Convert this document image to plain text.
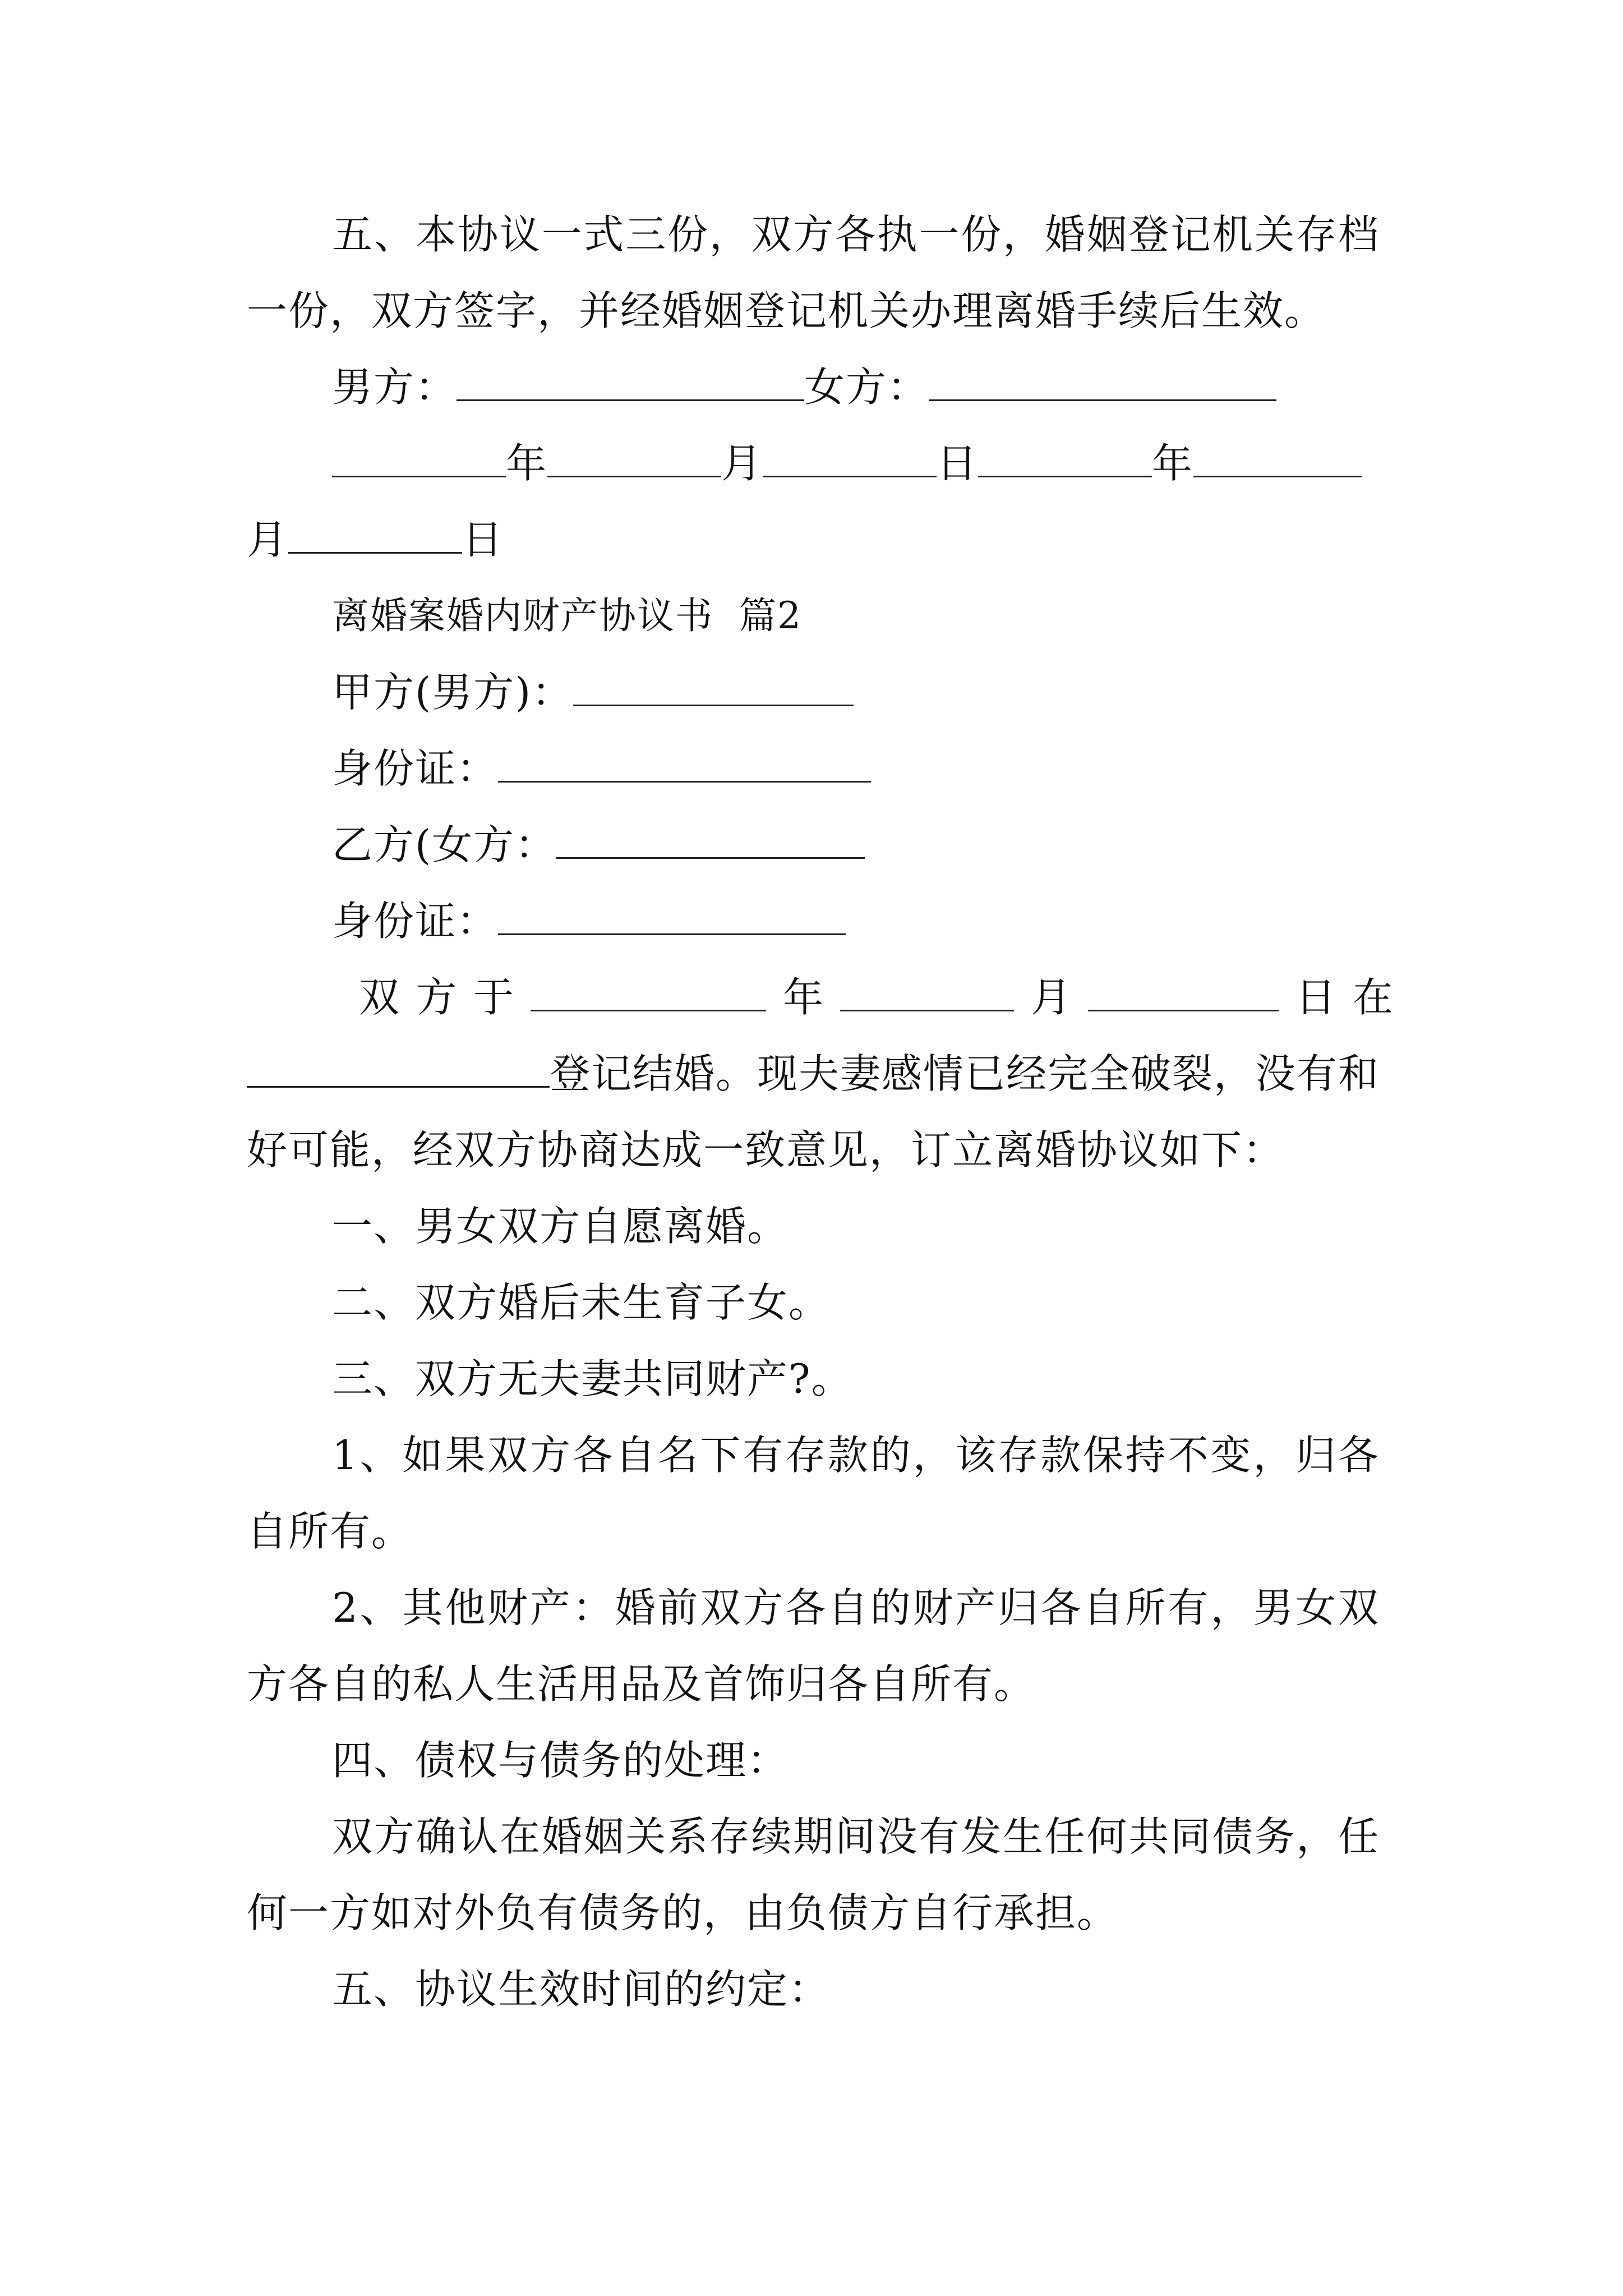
五、本协议一式三份，双方各执一份，婚姻登记机关存档一份，双方签字，并经婚姻登记机关办理离婚手续后生效。

男方：	女方：

年	月	日	年

月	日

离婚案婚内财产协议书  篇2

甲方(男方)：

身份证：

乙方(女方：

身份证：

双方于	年	月	日在

登记结婚。现夫妻感情已经完全破裂，没有和好可能，经双方协商达成一致意见，订立离婚协议如下：

一、男女双方自愿离婚。

二、双方婚后未生育子女。

三、双方无夫妻共同财产?。

1、如果双方各自名下有存款的，该存款保持不变，归各自所有。

2、其他财产：婚前双方各自的财产归各自所有，男女双方各自的私人生活用品及首饰归各自所有。

四、债权与债务的处理：

双方确认在婚姻关系存续期间没有发生任何共同债务，任何一方如对外负有债务的，由负债方自行承担。

五、协议生效时间的约定：
